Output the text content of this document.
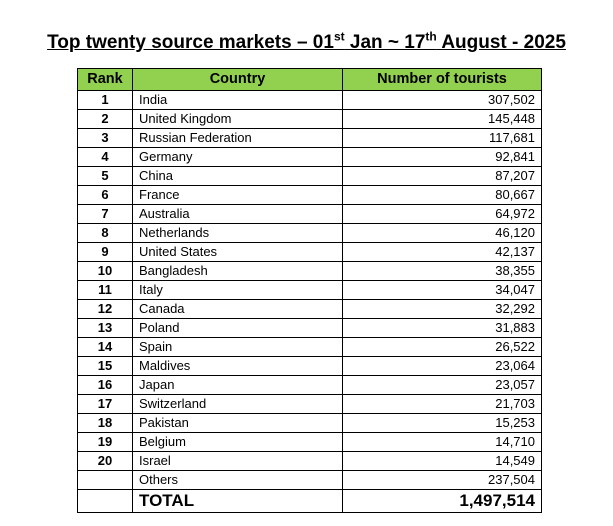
Top twenty source markets – 01st Jan ~ 17th August - 2025
Rank	Country	Number of tourists
1	India	307,502
2	United Kingdom	145,448
3	Russian Federation	117,681
4	Germany	92,841
5	China	87,207
6	France	80,667
7	Australia	64,972
8	Netherlands	46,120
9	United States	42,137
10	Bangladesh	38,355
11	Italy	34,047
12	Canada	32,292
13	Poland	31,883
14	Spain	26,522
15	Maldives	23,064
16	Japan	23,057
17	Switzerland	21,703
18	Pakistan	15,253
19	Belgium	14,710
20	Israel	14,549
	Others	237,504
	TOTAL	1,497,514
